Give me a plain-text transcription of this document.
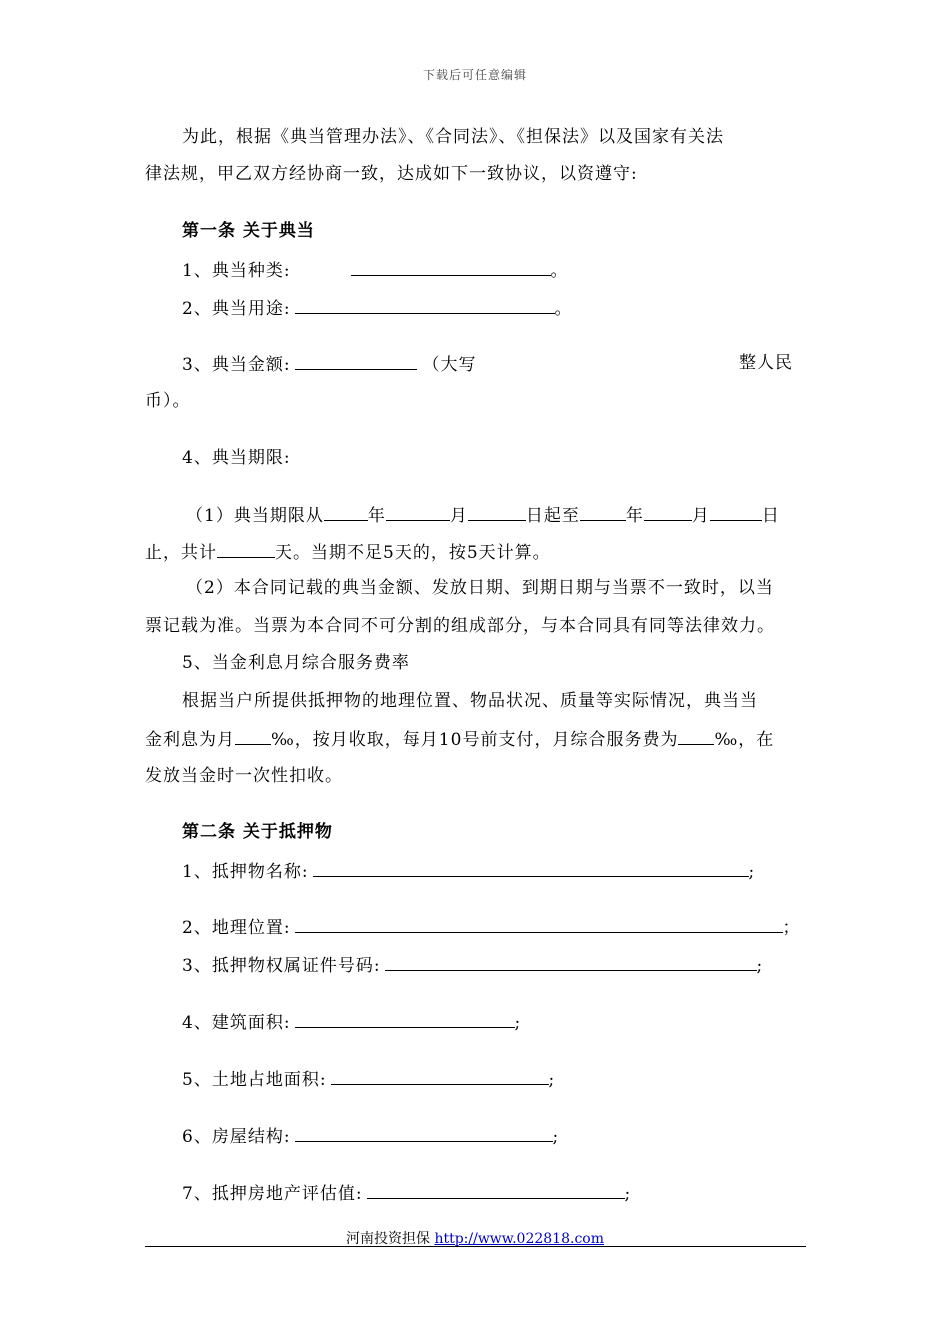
下载后可任意编辑
为此，根据《典当管理办法》、《合同法》、《担保法》以及国家有关法
律法规，甲乙双方经协商一致，达成如下一致协议，以资遵守:
第一条 关于典当
1、典当种类:	。
2、典当用途:	。
3、典当金额:	（大写	整人民
币）。
4、典当期限:
（1）典当期限从	年	月	日起至	年	月	日
止，共计	天。当期不足5天的，按5天计算。
（2）本合同记载的典当金额、发放日期、到期日期与当票不一致时，以当
票记载为准。当票为本合同不可分割的组成部分，与本合同具有同等法律效力。
5、当金利息月综合服务费率
根据当户所提供抵押物的地理位置、物品状况、质量等实际情况，典当当
金利息为月 ‰，按月收取，每月10号前支付，月综合服务费为 ‰，在
发放当金时一次性扣收。
第二条 关于抵押物
1、抵押物名称:	;
2、地理位置:	；
3、抵押物权属证件号码:	;
4、建筑面积:	;
5、土地占地面积:	;
6、房屋结构:	;
7、抵押房地产评估值:	;
河南投资担保 http://www.022818.com
